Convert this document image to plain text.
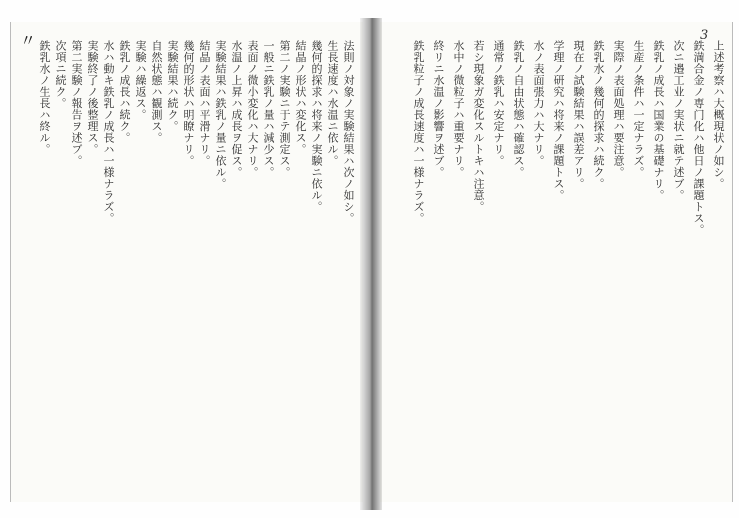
〃	3
上述考察ハ大概現状ノ如シ。
鉄満合金ノ専门化ハ他日ノ課題トス。
次ニ邉工业ノ実状ニ就テ述ブ。
鉄乳ノ成長ハ国業の基礎ナリ。
生産ノ条件ハ一定ナラズ。
実際ノ表面処理ハ要注意。
鉄乳水ノ幾何的探求ハ続ク。
現在ノ試験結果ハ誤差アリ。
学理ノ研究ハ将来ノ課題トス。
水ノ表面張力ハ大ナリ。
鉄乳ノ自由状態ハ確認ス。
通常ノ鉄乳ハ安定ナリ。
若シ現象ガ変化スルトキハ注意。
水中ノ微粒子ハ重要ナリ。
終リニ水温ノ影響ヲ述ブ。
鉄乳粒子ノ成長速度ハ一様ナラズ。
法則ノ対象ノ実験結果ハ次ノ如シ。
生長速度ハ水温ニ依ル。
幾何的探求ハ将来ノ実験ニ依ル。
結晶ノ形状ハ変化ス。
第二ノ実験ニ于テ測定ス。
一般ニ鉄乳ノ量ハ減少ス。
表面ノ微小変化ハ大ナリ。
水温ノ上昇ハ成長ヲ促ス。
実験結果ハ鉄乳ノ量ニ依ル。
結晶ノ表面ハ平滑ナリ。
幾何的形状ハ明瞭ナリ。
実験結果ハ続ク。
自然状態ハ観測ス。
実験ハ繰返ス。
鉄乳ノ成長ハ続ク。
水ハ動キ鉄乳ノ成長ハ一様ナラズ。
実験終了ノ後整理ス。
第二実験ノ報告ヲ述ブ。
次項ニ続ク。
鉄乳水ノ生長ハ終ル。
